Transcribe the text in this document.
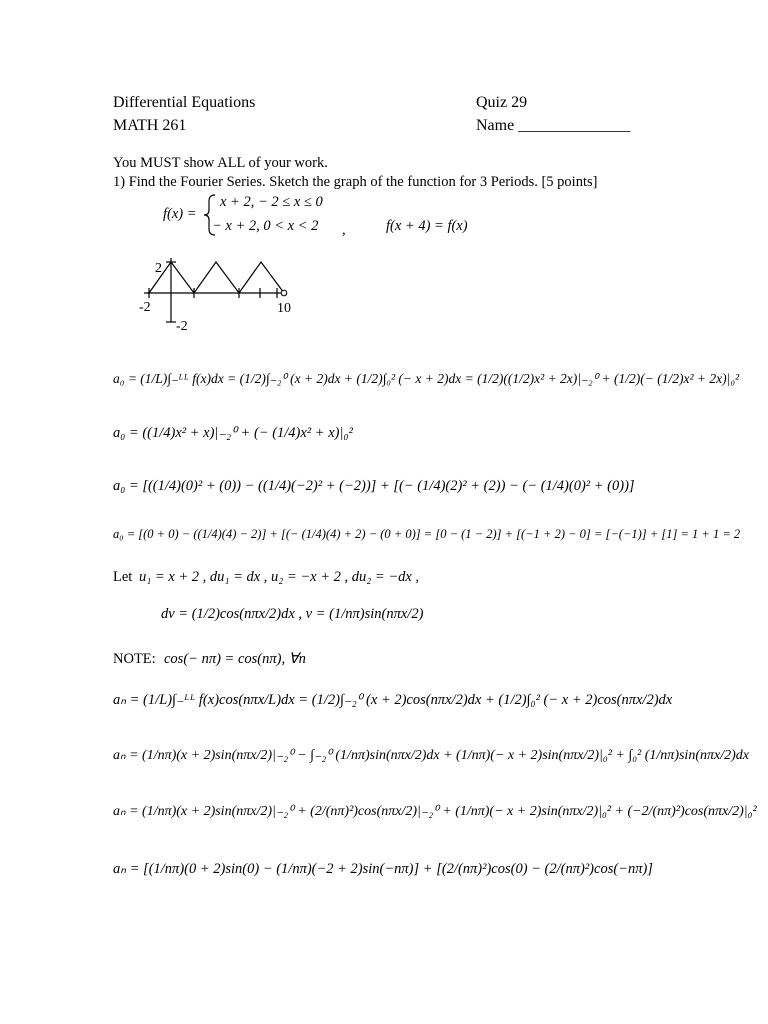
Differential Equations
MATH 261
Quiz 29
Name ______________
You MUST show ALL of your work.
1) Find the Fourier Series. Sketch the graph of the function for 3 Periods. [5 points]
f(x) =
x + 2, − 2 ≤ x ≤ 0
− x + 2, 0 < x < 2 ,	f(x + 4) = f(x)
2
-2	10
-2
a₀ = (1/L)∫₋ᴸᴸ f(x)dx = (1/2)∫₋₂⁰ (x + 2)dx + (1/2)∫₀² (− x + 2)dx = (1/2)((1/2)x² + 2x)|₋₂⁰ + (1/2)(− (1/2)x² + 2x)|₀²
a₀ = ((1/4)x² + x)|₋₂⁰ + (− (1/4)x² + x)|₀²
a₀ = [((1/4)(0)² + (0)) − ((1/4)(−2)² + (−2))] + [(− (1/4)(2)² + (2)) − (− (1/4)(0)² + (0))]
a₀ = [(0 + 0) − ((1/4)(4) − 2)] + [(− (1/4)(4) + 2) − (0 + 0)] = [0 − (1 − 2)] + [(−1 + 2) − 0] = [−(−1)] + [1] = 1 + 1 = 2
Let u₁ = x + 2 , du₁ = dx , u₂ = −x + 2 , du₂ = −dx ,
dv = (1/2)cos(nπx/2)dx , v = (1/nπ)sin(nπx/2)
NOTE: cos(− nπ) = cos(nπ), ∀n
aₙ = (1/L)∫₋ᴸᴸ f(x)cos(nπx/L)dx = (1/2)∫₋₂⁰ (x + 2)cos(nπx/2)dx + (1/2)∫₀² (− x + 2)cos(nπx/2)dx
aₙ = (1/nπ)(x + 2)sin(nπx/2)|₋₂⁰ − ∫₋₂⁰ (1/nπ)sin(nπx/2)dx + (1/nπ)(− x + 2)sin(nπx/2)|₀² + ∫₀² (1/nπ)sin(nπx/2)dx
aₙ = (1/nπ)(x + 2)sin(nπx/2)|₋₂⁰ + (2/(nπ)²)cos(nπx/2)|₋₂⁰ + (1/nπ)(− x + 2)sin(nπx/2)|₀² + (−2/(nπ)²)cos(nπx/2)|₀²
aₙ = [(1/nπ)(0 + 2)sin(0) − (1/nπ)(−2 + 2)sin(−nπ)] + [(2/(nπ)²)cos(0) − (2/(nπ)²)cos(−nπ)]
